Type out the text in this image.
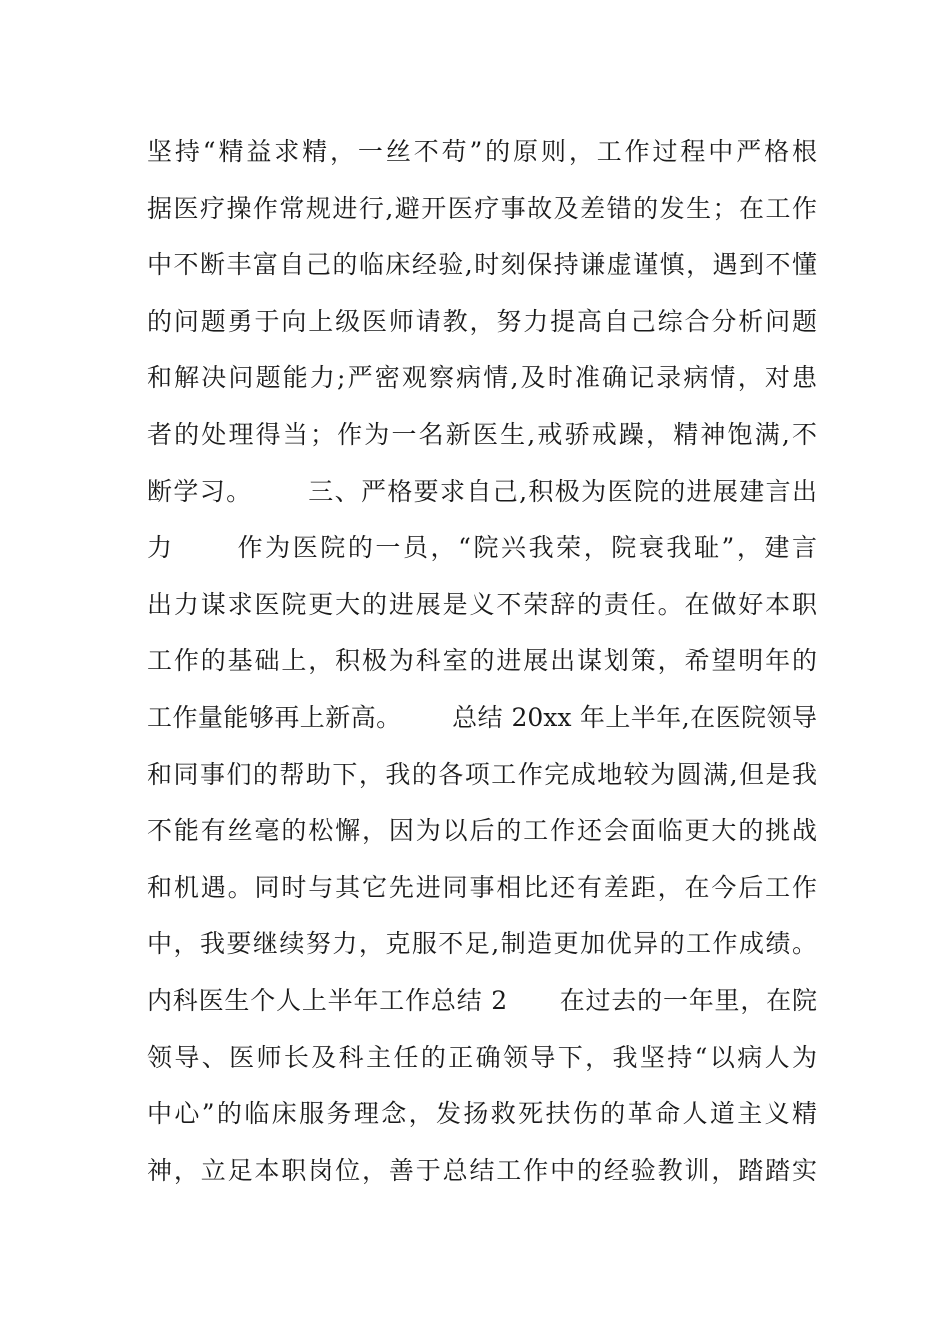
坚持“精益求精，一丝不苟”的原则，工作过程中严格根
据医疗操作常规进行,避开医疗事故及差错的发生；在工作
中不断丰富自己的临床经验,时刻保持谦虚谨慎，遇到不懂
的问题勇于向上级医师请教，努力提高自己综合分析问题
和解决问题能力;严密观察病情,及时准确记录病情，对患
者的处理得当；作为一名新医生,戒骄戒躁，精神饱满,不
断学习。      三、严格要求自己,积极为医院的进展建言出
力      作为医院的一员，“院兴我荣，院衰我耻”，建言
出力谋求医院更大的进展是义不荣辞的责任。在做好本职
工作的基础上，积极为科室的进展出谋划策，希望明年的
工作量能够再上新高。      总结 20xx 年上半年,在医院领导
和同事们的帮助下，我的各项工作完成地较为圆满,但是我
不能有丝毫的松懈，因为以后的工作还会面临更大的挑战
和机遇。同时与其它先进同事相比还有差距，在今后工作
中，我要继续努力，克服不足,制造更加优异的工作成绩。
内科医生个人上半年工作总结 2      在过去的一年里，在院
领导、医师长及科主任的正确领导下，我坚持“以病人为
中心”的临床服务理念，发扬救死扶伤的革命人道主义精
神，立足本职岗位，善于总结工作中的经验教训，踏踏实
